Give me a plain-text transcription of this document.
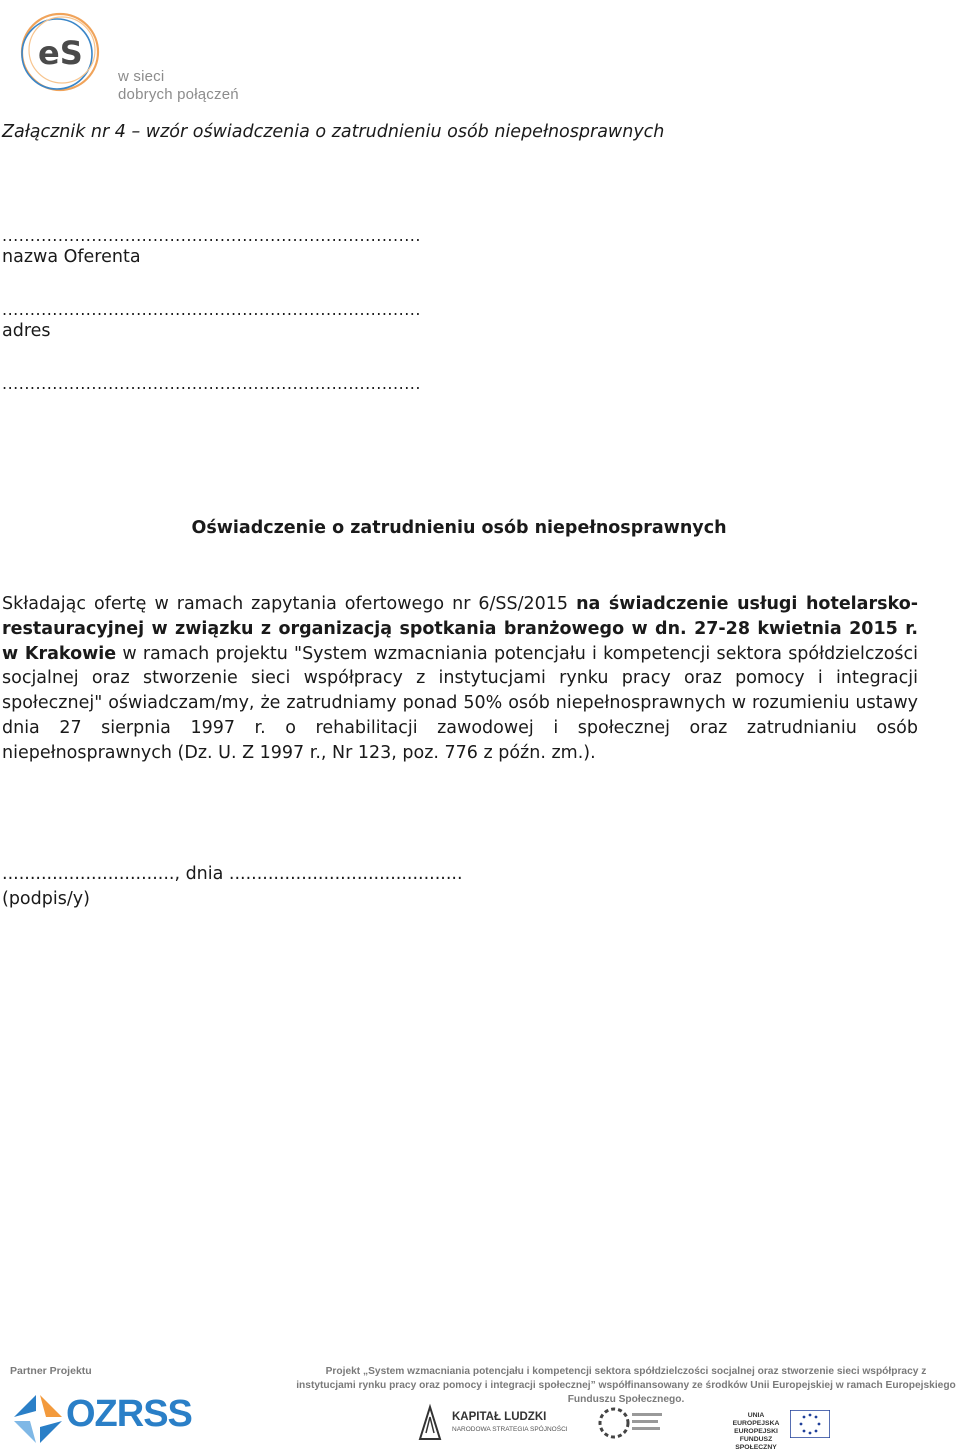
eS
w sieci
dobrych połączeń
Załącznik nr 4 – wzór oświadczenia o zatrudnieniu osób niepełnosprawnych
...........................................................................
nazwa Oferenta
...........................................................................
adres
...........................................................................
Oświadczenie o zatrudnieniu osób niepełnosprawnych
Składając ofertę w ramach zapytania ofertowego nr 6/SS/2015 na świadczenie usługi hotelarsko-restauracyjnej w związku z organizacją spotkania branżowego w dn. 27-28 kwietnia 2015 r. w Krakowie w ramach projektu "System wzmacniania potencjału i kompetencji sektora spółdzielczości socjalnej oraz stworzenie sieci współpracy z instytucjami rynku pracy oraz pomocy i integracji społecznej" oświadczam/my, że zatrudniamy ponad 50% osób niepełnosprawnych w rozumieniu ustawy dnia 27 sierpnia 1997 r. o rehabilitacji zawodowej i społecznej oraz zatrudnianiu osób niepełnosprawnych (Dz. U. Z 1997 r., Nr 123, poz. 776 z późn. zm.).
..............................., dnia ..........................................
(podpis/y)
Partner Projektu	Projekt „System wzmacniania potencjału i kompetencji sektora spółdzielczości socjalnej oraz stworzenie sieci współpracy z instytucjami rynku pracy oraz pomocy i integracji społecznej” współfinansowany ze środków Unii Europejskiej w ramach Europejskiego Funduszu Społecznego.
OZRSS	KAPITAŁ LUDZKI
NARODOWA STRATEGIA SPÓJNOŚCI
UNIA EUROPEJSKA EUROPEJSKI FUNDUSZ SPOŁECZNY
